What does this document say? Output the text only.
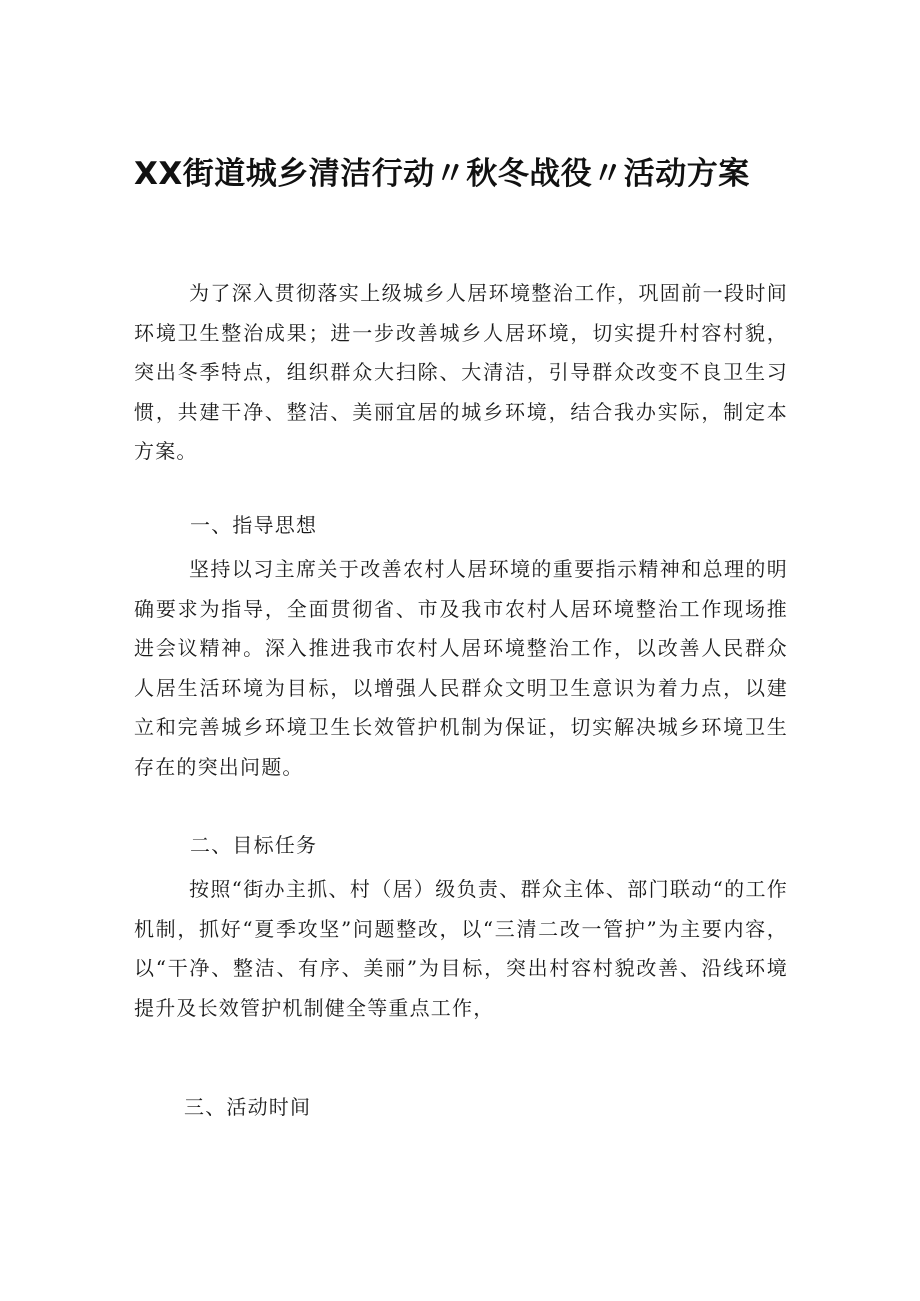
XX街道城乡清洁行动〃秋冬战役〃活动方案

为了深入贯彻落实上级城乡人居环境整治工作，巩固前一段时间环境卫生整治成果；进一步改善城乡人居环境，切实提升村容村貌，突出冬季特点，组织群众大扫除、大清洁，引导群众改变不良卫生习惯，共建干净、整洁、美丽宜居的城乡环境，结合我办实际，制定本方案。

一、指导思想

坚持以习主席关于改善农村人居环境的重要指示精神和总理的明确要求为指导，全面贯彻省、市及我市农村人居环境整治工作现场推进会议精神。深入推进我市农村人居环境整治工作，以改善人民群众人居生活环境为目标，以增强人民群众文明卫生意识为着力点，以建立和完善城乡环境卫生长效管护机制为保证，切实解决城乡环境卫生存在的突出问题。

二、目标任务

按照“街办主抓、村（居）级负责、群众主体、部门联动“的工作机制，抓好“夏季攻坚”问题整改，以“三清二改一管护”为主要内容，以“干净、整洁、有序、美丽”为目标，突出村容村貌改善、沿线环境提升及长效管护机制健全等重点工作，

三、活动时间
